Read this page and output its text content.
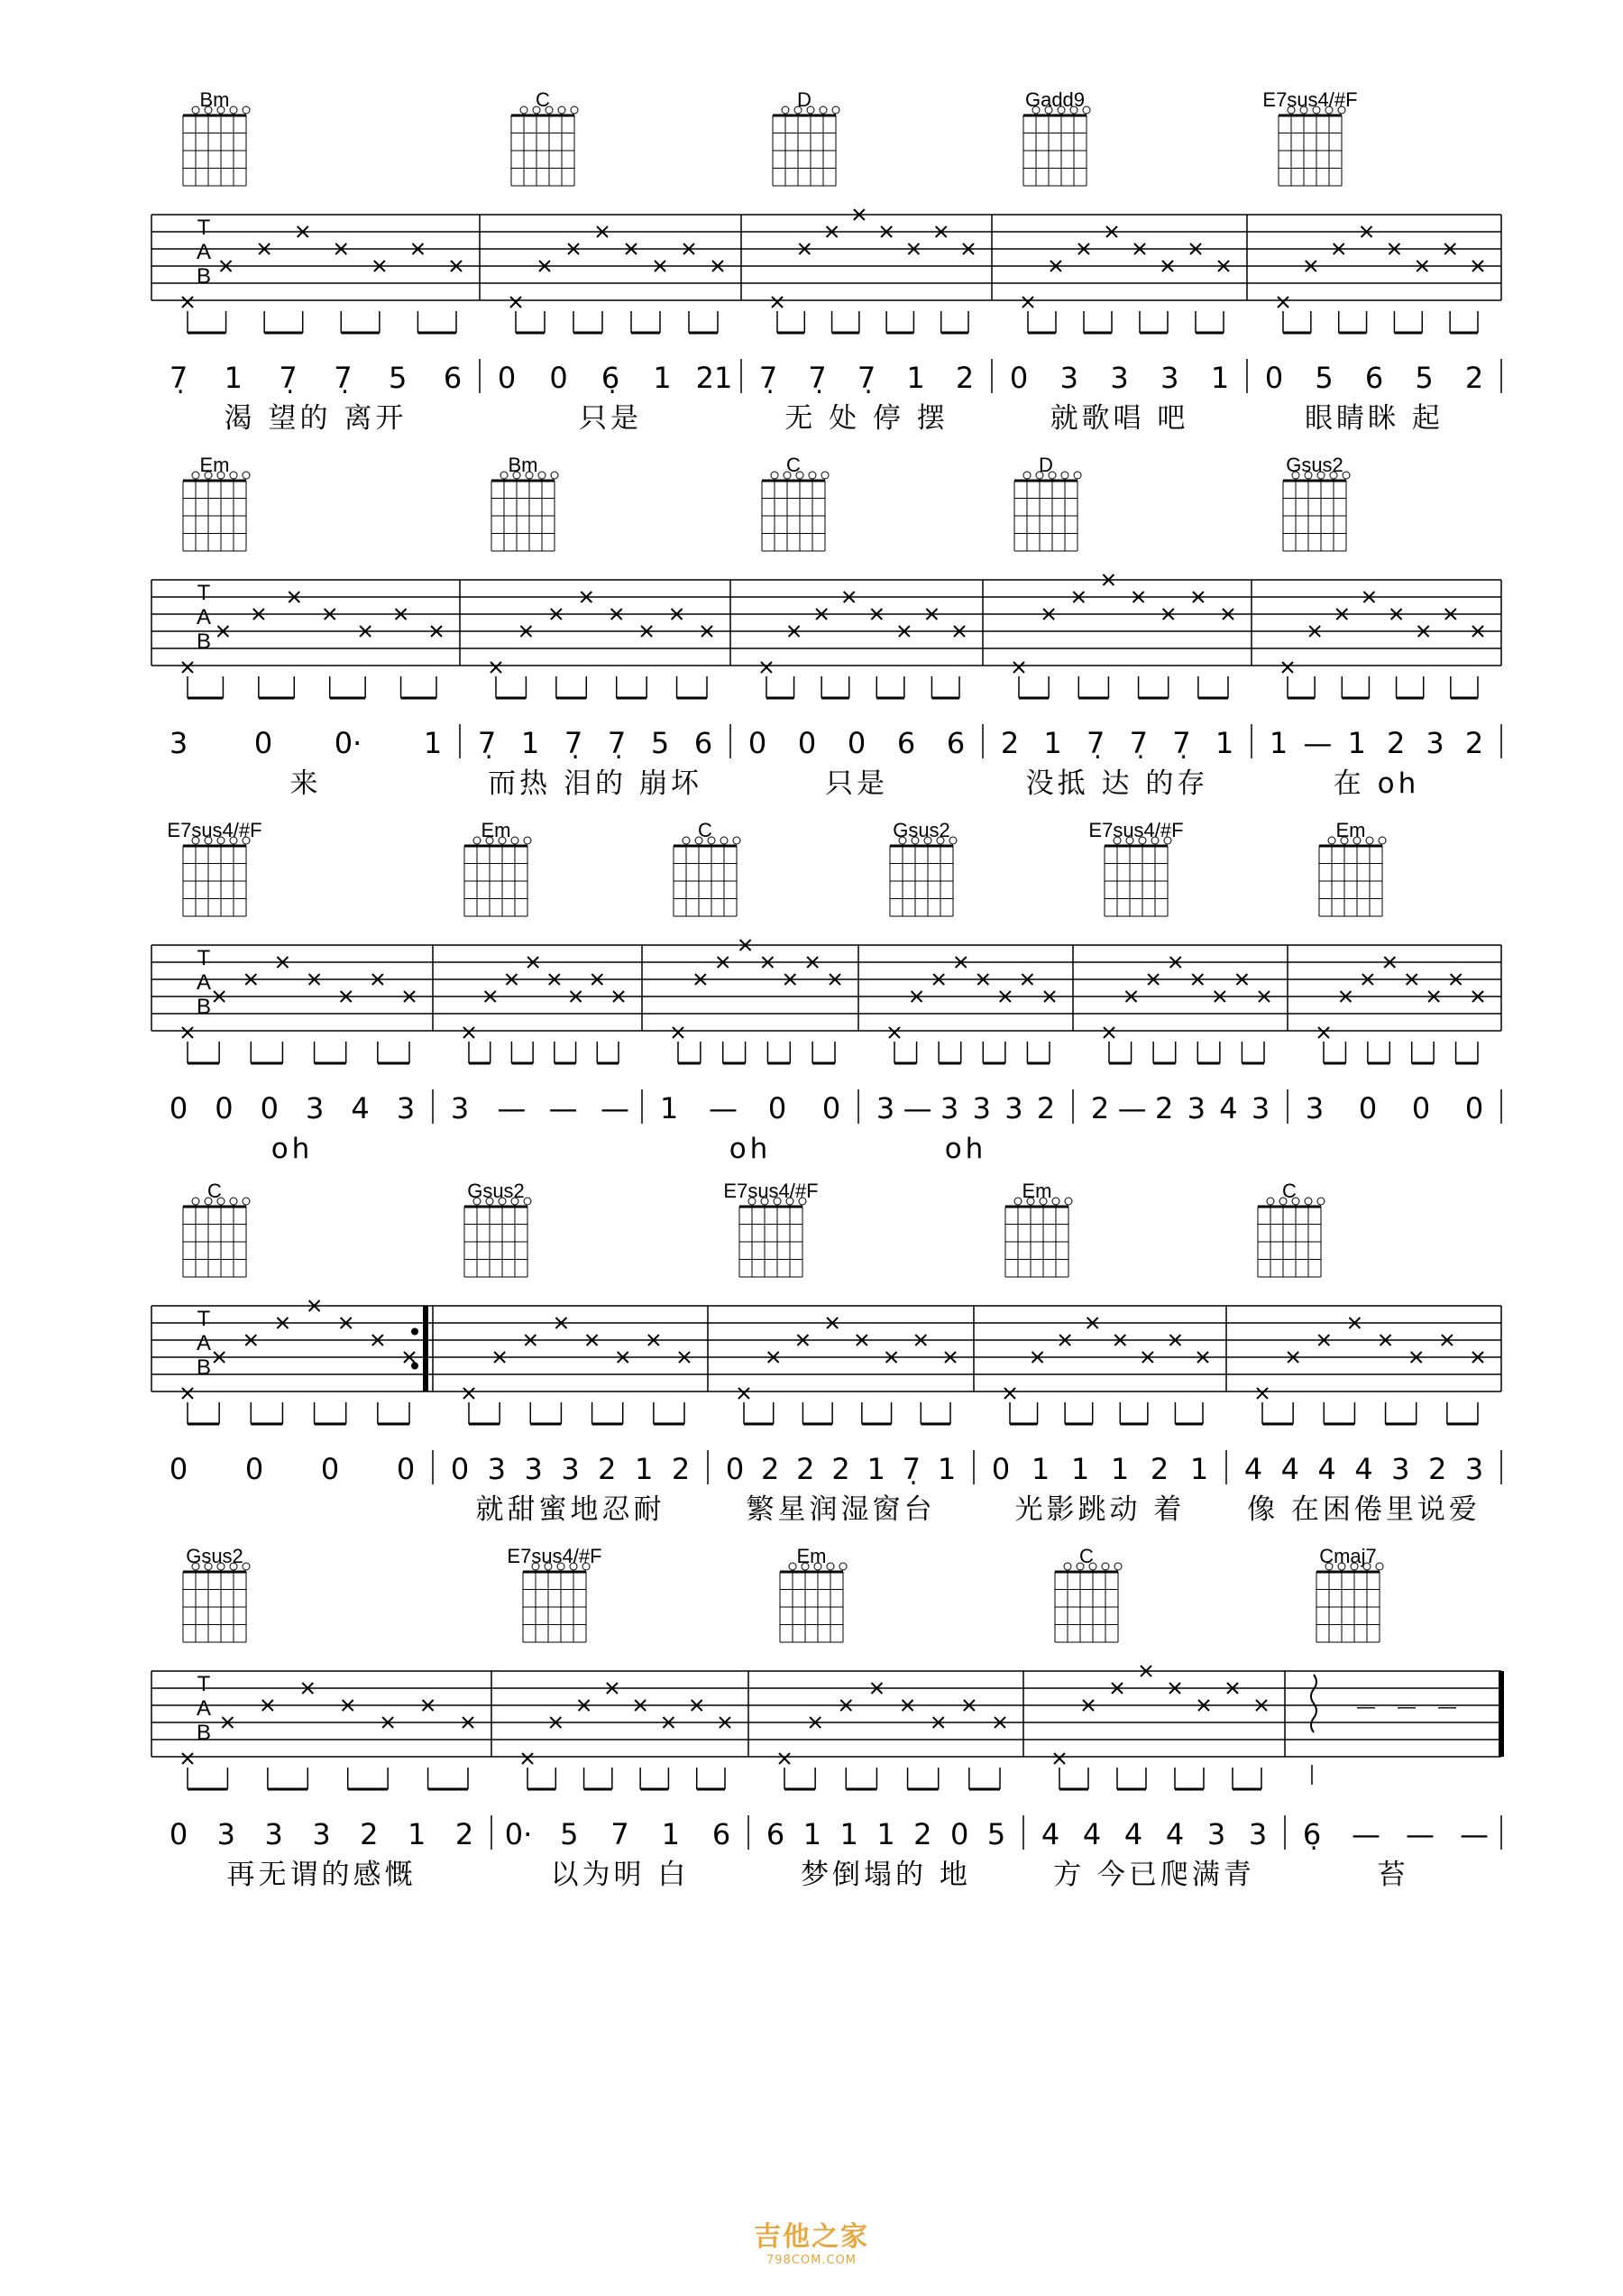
T
A
B
Bm
7̣ 1 7̣ 7̣ 5 6
渴 望的 离开
C
0 0 6̣ 1 21
只是
D
7̣ 7̣ 7̣ 1 2
无 处 停 摆
Gadd9
0 3 3 3 1
就歌唱 吧
E7sus4/#F
0 5 6 5 2
眼睛眯 起
T
A
B
Em
3 0 0· 1
来
Bm
7̣ 1 7̣ 7̣ 5 6
而热 泪的 崩坏
C
0 0 0 6 6
只是
D
2 1 7̣ 7̣ 7̣ 1
没抵 达 的存
Gsus2
1 — 1 2 3 2
在 oh
T
A
B
E7sus4/#F
0 0 0 3 4 3
oh
Em
3 — — —
C
1 — 0 0
oh
Gsus2
3 — 3 3 3 2
oh
E7sus4/#F
2 — 2 3 4 3
Em
3 0 0 0
T
A
B
C
0 0 0 0
Gsus2
0 3 3 3 2 1 2
就甜蜜地忍耐
E7sus4/#F
0 2 2 2 1 7̣ 1
繁星润湿窗台
Em
0 1 1 1 2 1
光影跳动 着
C
4 4 4 4 3 2 3
像 在困倦里说爱
T
A
B
Gsus2
0 3 3 3 2 1 2
再无谓的感慨
E7sus4/#F
0· 5 7 1 6
以为明 白
Em
6 1 1 1 2 0 5
梦倒塌的 地
C
4 4 4 4 3 3
方 今已爬满青
Cmaj7
— — —
6̣ — — —
苔
吉他之家
798COM.COM
